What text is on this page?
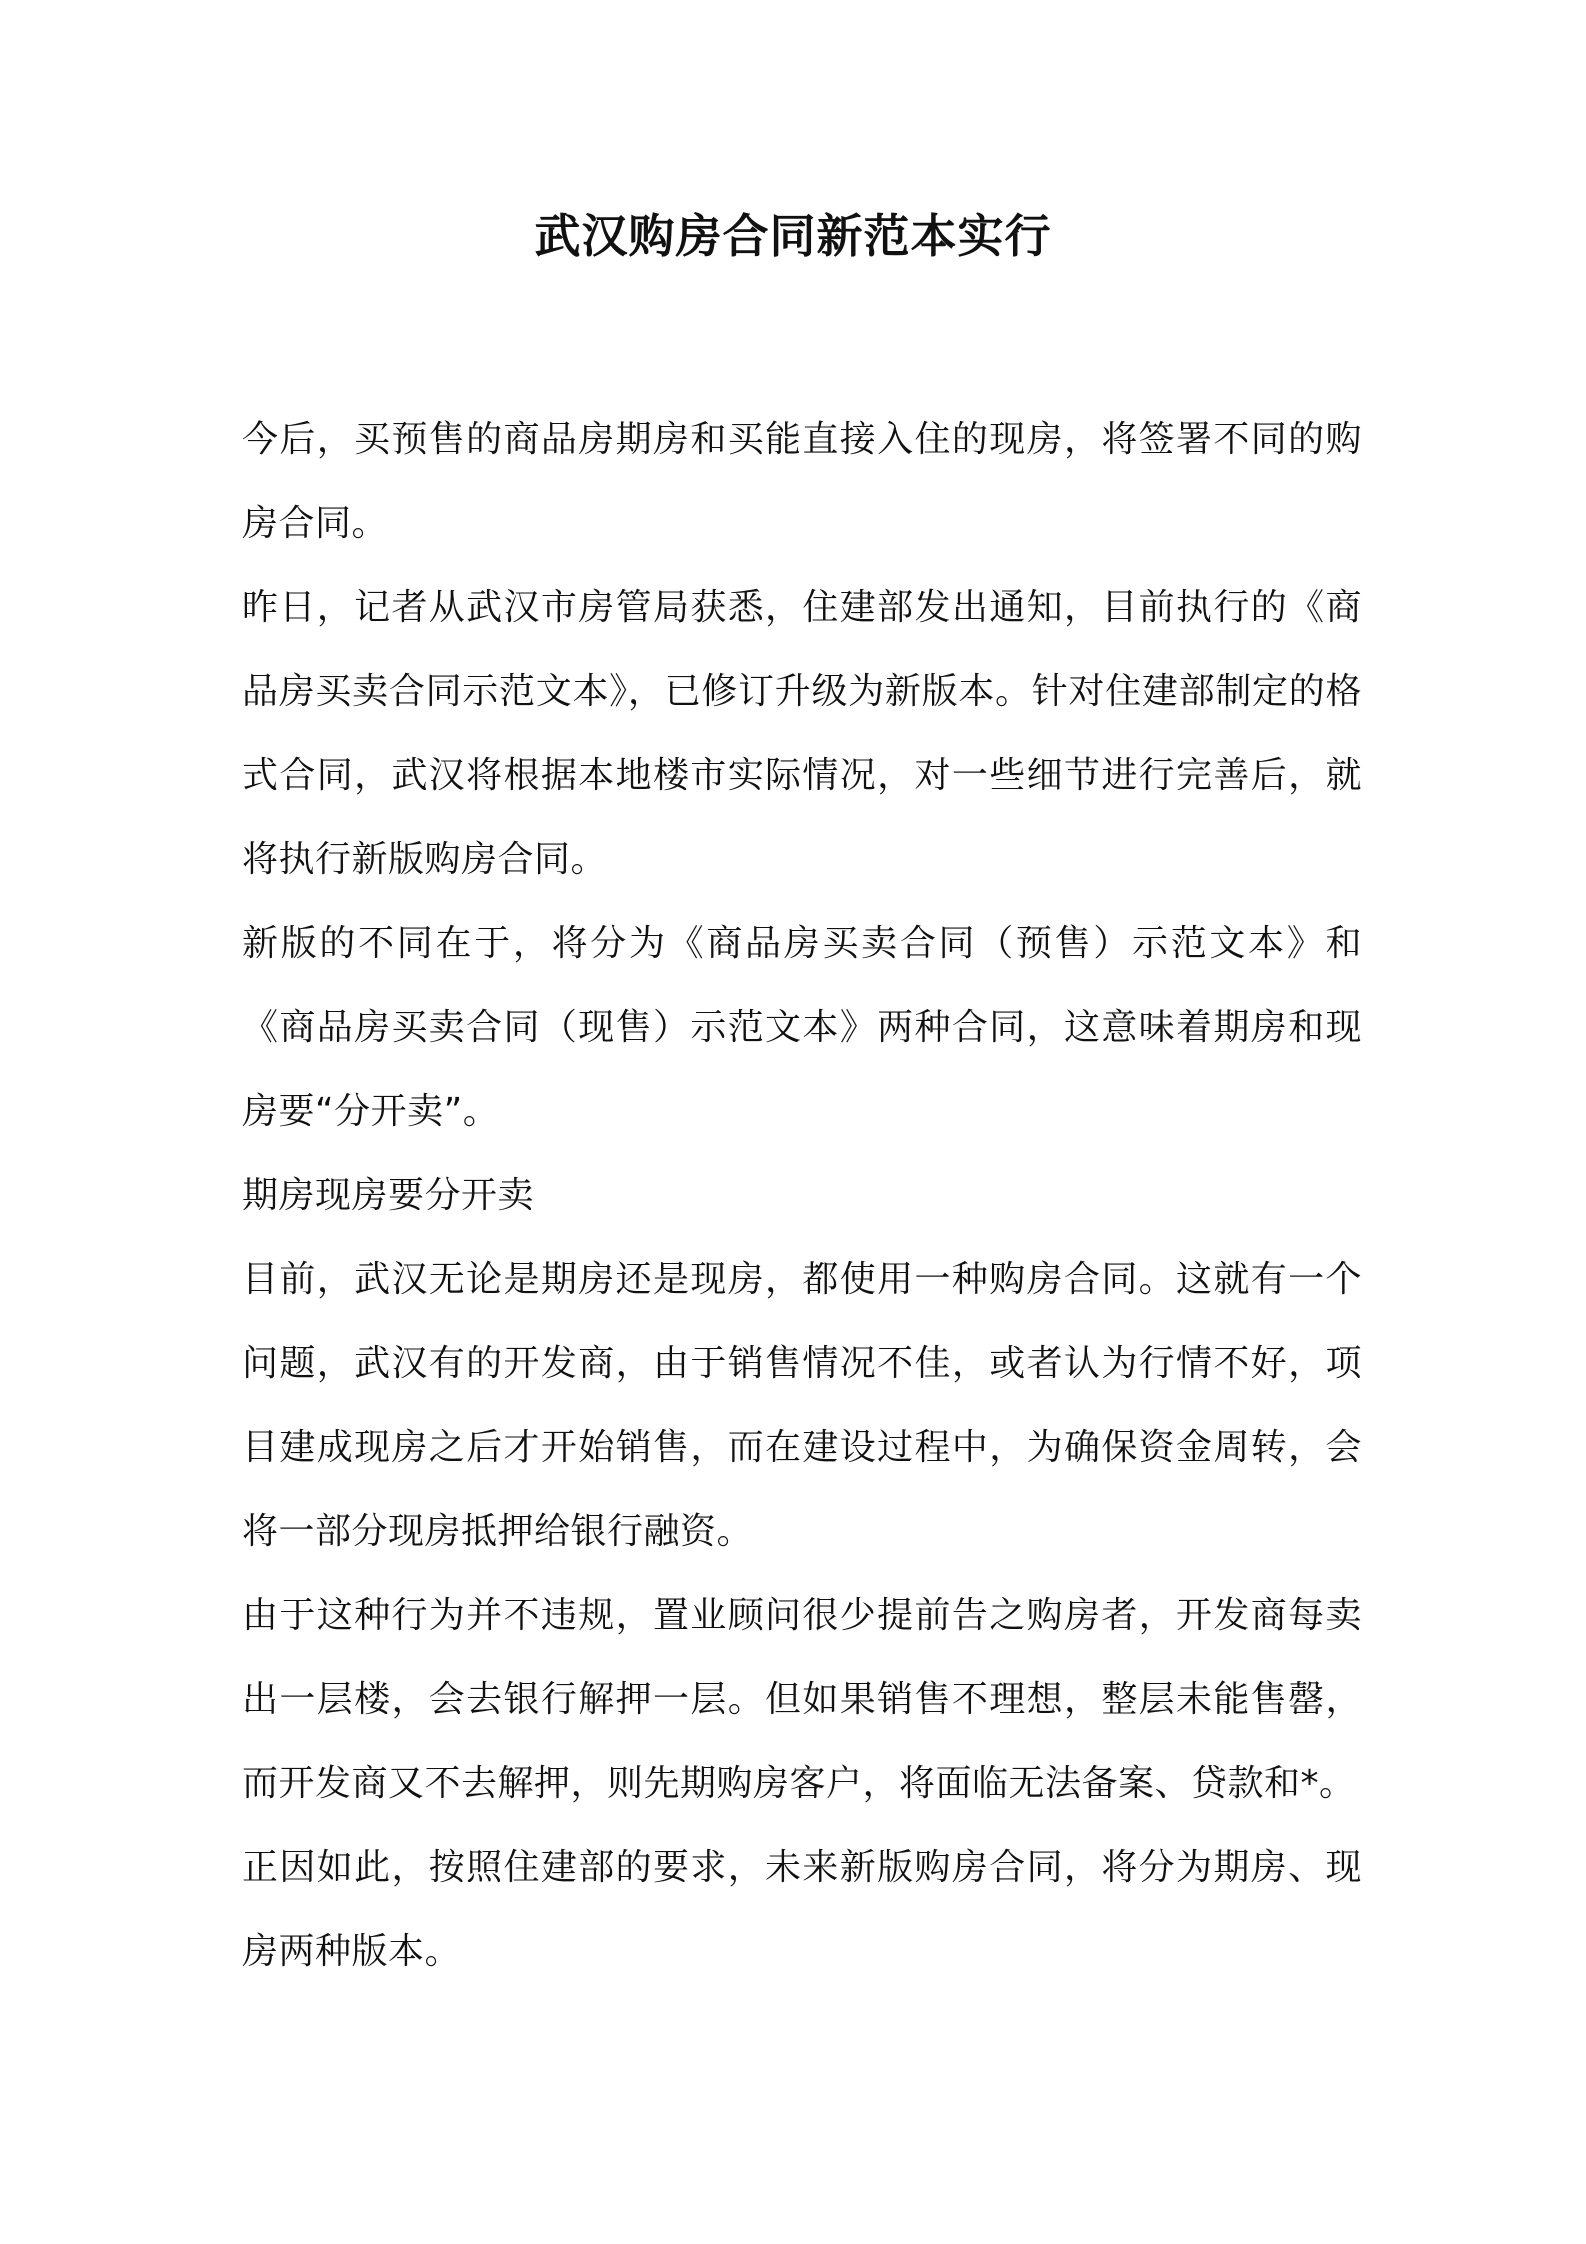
武汉购房合同新范本实行

今后，买预售的商品房期房和买能直接入住的现房，将签署不同的购房合同。

昨日，记者从武汉市房管局获悉，住建部发出通知，目前执行的《商品房买卖合同示范文本》，已修订升级为新版本。针对住建部制定的格式合同，武汉将根据本地楼市实际情况，对一些细节进行完善后，就将执行新版购房合同。

新版的不同在于，将分为《商品房买卖合同（预售）示范文本》和《商品房买卖合同（现售）示范文本》两种合同，这意味着期房和现房要“分开卖”。

期房现房要分开卖

目前，武汉无论是期房还是现房，都使用一种购房合同。这就有一个问题，武汉有的开发商，由于销售情况不佳，或者认为行情不好，项目建成现房之后才开始销售，而在建设过程中，为确保资金周转，会将一部分现房抵押给银行融资。

由于这种行为并不违规，置业顾问很少提前告之购房者，开发商每卖出一层楼，会去银行解押一层。但如果销售不理想，整层未能售罄，而开发商又不去解押，则先期购房客户，将面临无法备案、贷款和*。

正因如此，按照住建部的要求，未来新版购房合同，将分为期房、现房两种版本。
